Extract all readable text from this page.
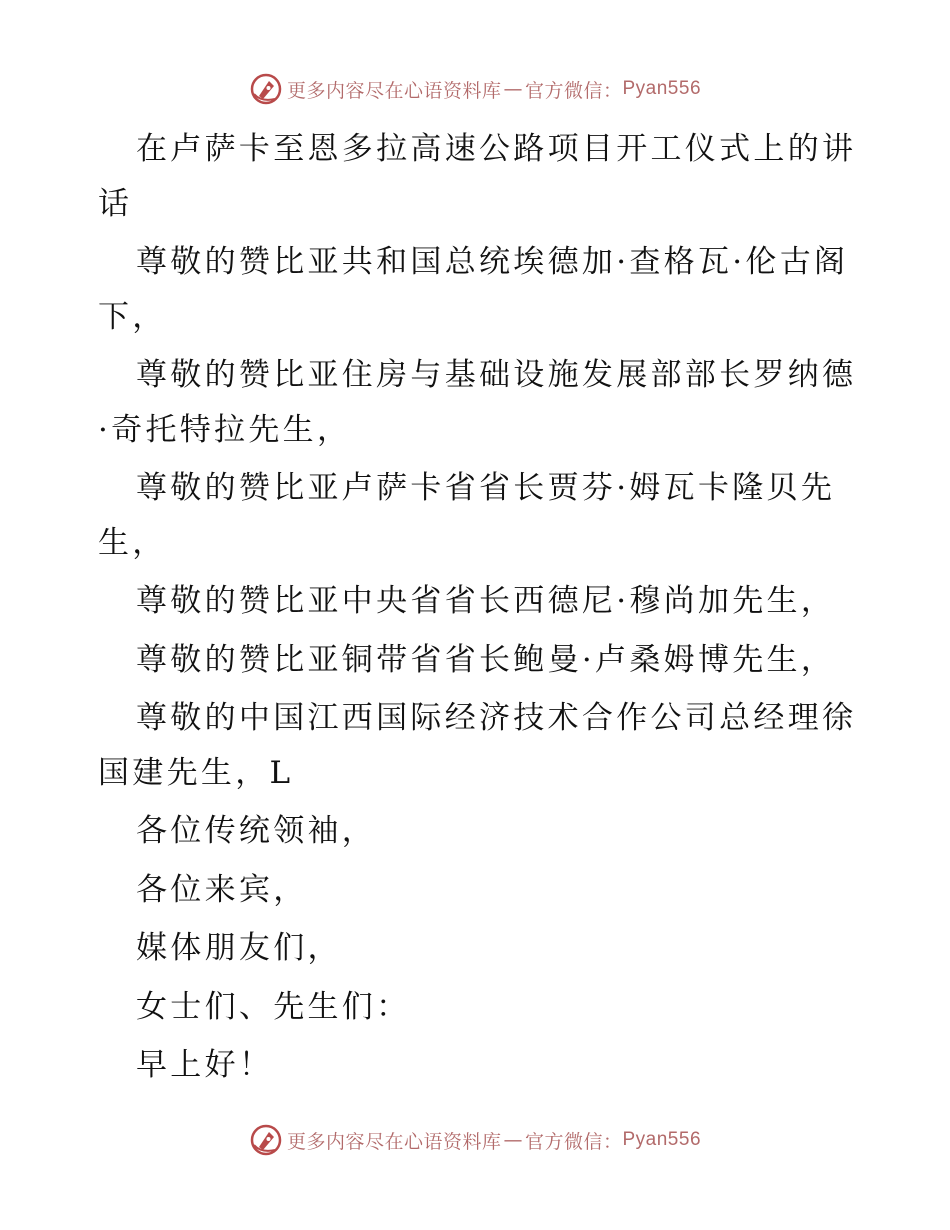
更多内容尽在心语资料库 — 官方微信： Pyan556

在卢萨卡至恩多拉高速公路项目开工仪式上的讲话

尊敬的赞比亚共和国总统埃德加·查格瓦·伦古阁下，

尊敬的赞比亚住房与基础设施发展部部长罗纳德·奇托特拉先生，

尊敬的赞比亚卢萨卡省省长贾芬·姆瓦卡隆贝先生，

尊敬的赞比亚中央省省长西德尼·穆尚加先生，

尊敬的赞比亚铜带省省长鲍曼·卢桑姆博先生，

尊敬的中国江西国际经济技术合作公司总经理徐国建先生，L

各位传统领袖，

各位来宾，

媒体朋友们，

女士们、先生们：

早上好！

更多内容尽在心语资料库 — 官方微信： Pyan556
